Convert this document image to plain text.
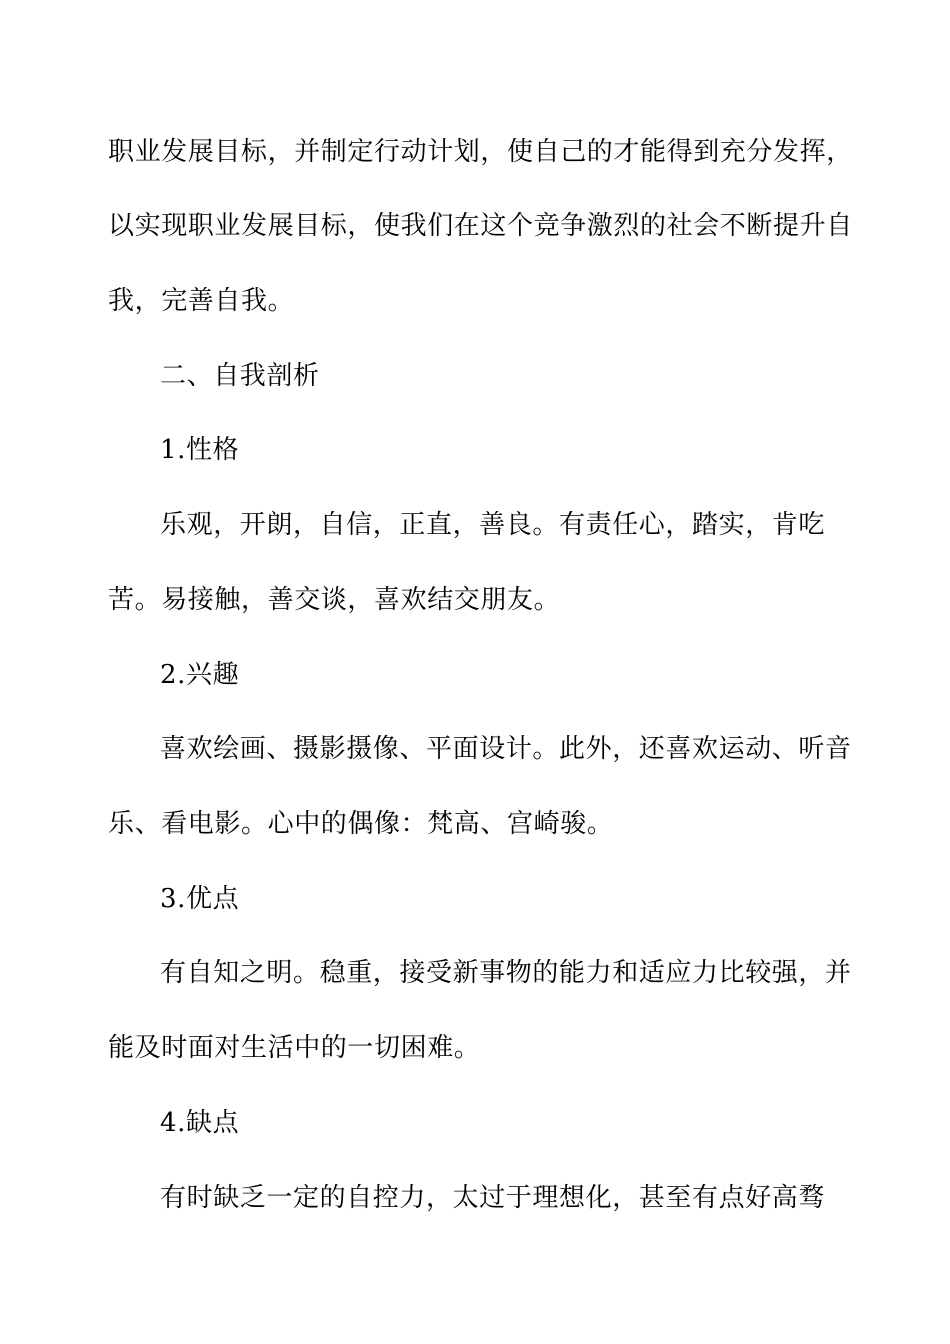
职业发展目标，并制定行动计划，使自己的才能得到充分发挥，
以实现职业发展目标，使我们在这个竞争激烈的社会不断提升自
我，完善自我。
二、自我剖析
1.性格
乐观，开朗，自信，正直，善良。有责任心，踏实，肯吃
苦。易接触，善交谈，喜欢结交朋友。
2.兴趣
喜欢绘画、摄影摄像、平面设计。此外，还喜欢运动、听音
乐、看电影。心中的偶像：梵高、宫崎骏。
3.优点
有自知之明。稳重，接受新事物的能力和适应力比较强，并
能及时面对生活中的一切困难。
4.缺点
有时缺乏一定的自控力，太过于理想化，甚至有点好高骛
